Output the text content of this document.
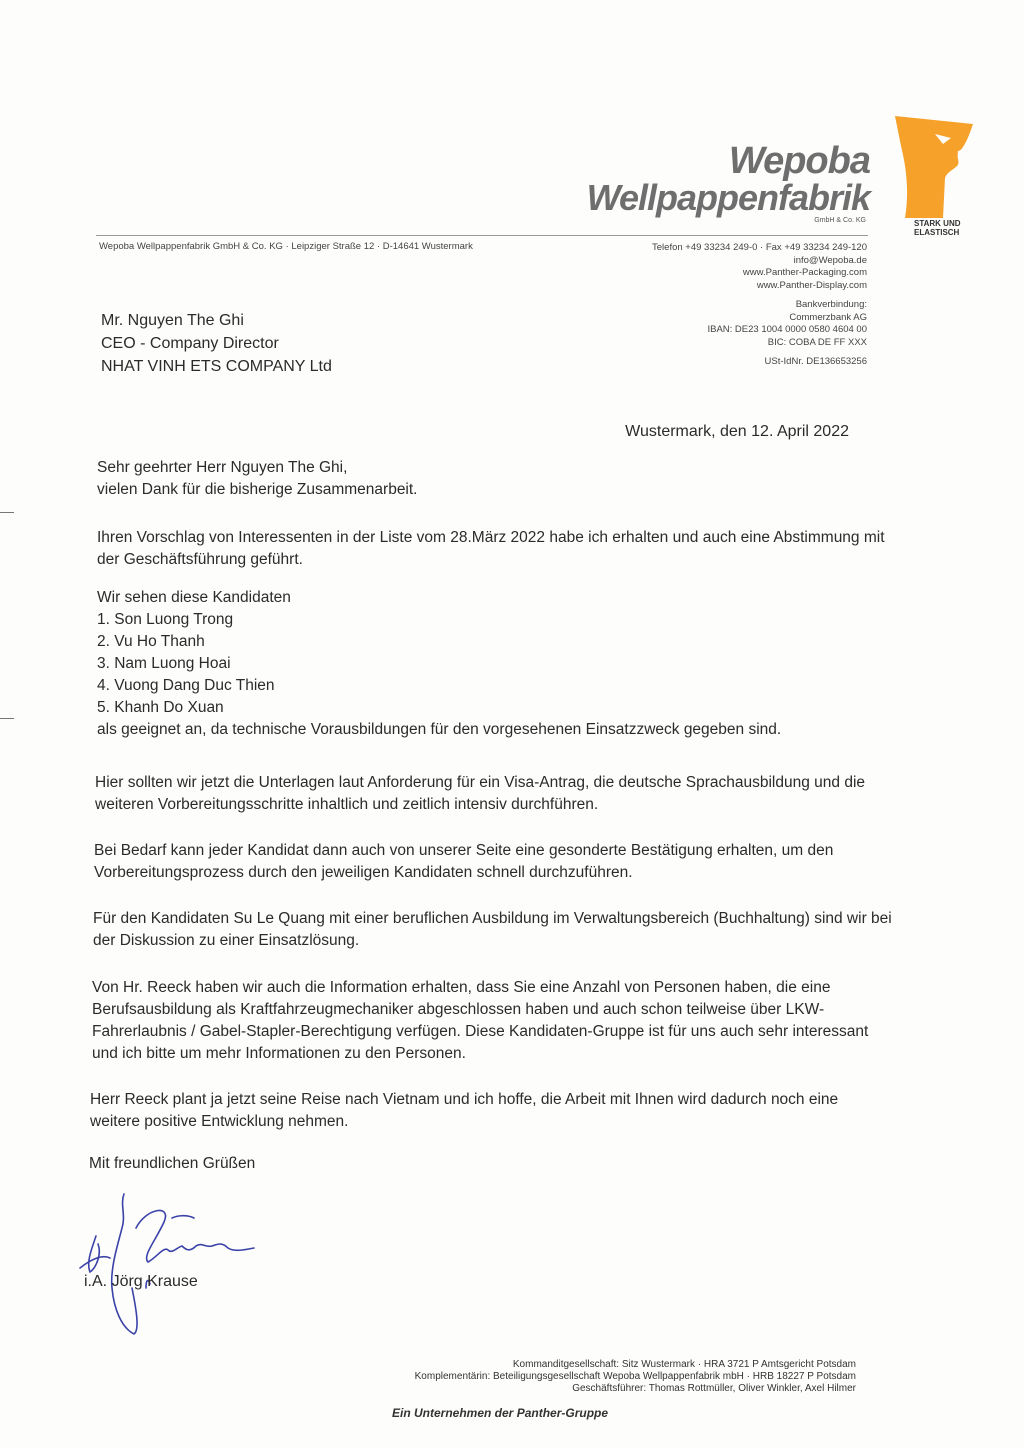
Wepoba
Wellpappenfabrik
GmbH & Co. KG	STARK UND
ELASTISCH
Wepoba Wellpappenfabrik GmbH & Co. KG · Leipziger Straße 12 · D-14641 Wustermark	Telefon +49 33234 249-0 · Fax +49 33234 249-120
info@Wepoba.de
www.Panther-Packaging.com
www.Panther-Display.com
Bankverbindung:
Commerzbank AG
IBAN: DE23 1004 0000 0580 4604 00
BIC: COBA DE FF XXX
USt-IdNr. DE136653256
Mr. Nguyen The Ghi
CEO - Company Director
NHAT VINH ETS COMPANY Ltd
Wustermark, den 12. April 2022
Sehr geehrter Herr Nguyen The Ghi,
vielen Dank für die bisherige Zusammenarbeit.
Ihren Vorschlag von Interessenten in der Liste vom 28.März 2022 habe ich erhalten und auch eine Abstimmung mit der Geschäftsführung geführt.
Wir sehen diese Kandidaten
1. Son Luong Trong
2. Vu Ho Thanh
3. Nam Luong Hoai
4. Vuong Dang Duc Thien
5. Khanh Do Xuan
als geeignet an, da technische Vorausbildungen für den vorgesehenen Einsatzzweck gegeben sind.
Hier sollten wir jetzt die Unterlagen laut Anforderung für ein Visa-Antrag, die deutsche Sprachausbildung und die weiteren Vorbereitungsschritte inhaltlich und zeitlich intensiv durchführen.
Bei Bedarf kann jeder Kandidat dann auch von unserer Seite eine gesonderte Bestätigung erhalten, um den Vorbereitungsprozess durch den jeweiligen Kandidaten schnell durchzuführen.
Für den Kandidaten Su Le Quang mit einer beruflichen Ausbildung im Verwaltungsbereich (Buchhaltung) sind wir bei der Diskussion zu einer Einsatzlösung.
Von Hr. Reeck haben wir auch die Information erhalten, dass Sie eine Anzahl von Personen haben, die eine Berufsausbildung als Kraftfahrzeugmechaniker abgeschlossen haben und auch schon teilweise über LKW-Fahrerlaubnis / Gabel-Stapler-Berechtigung verfügen. Diese Kandidaten-Gruppe ist für uns auch sehr interessant und ich bitte um mehr Informationen zu den Personen.
Herr Reeck plant ja jetzt seine Reise nach Vietnam und ich hoffe, die Arbeit mit Ihnen wird dadurch noch eine weitere positive Entwicklung nehmen.
Mit freundlichen Grüßen
i.A. Jörg Krause
Kommanditgesellschaft: Sitz Wustermark · HRA 3721 P Amtsgericht Potsdam
Komplementärin: Beteiligungsgesellschaft Wepoba Wellpappenfabrik mbH · HRB 18227 P Potsdam
Geschäftsführer: Thomas Rottmüller, Oliver Winkler, Axel Hilmer
Ein Unternehmen der Panther-Gruppe
